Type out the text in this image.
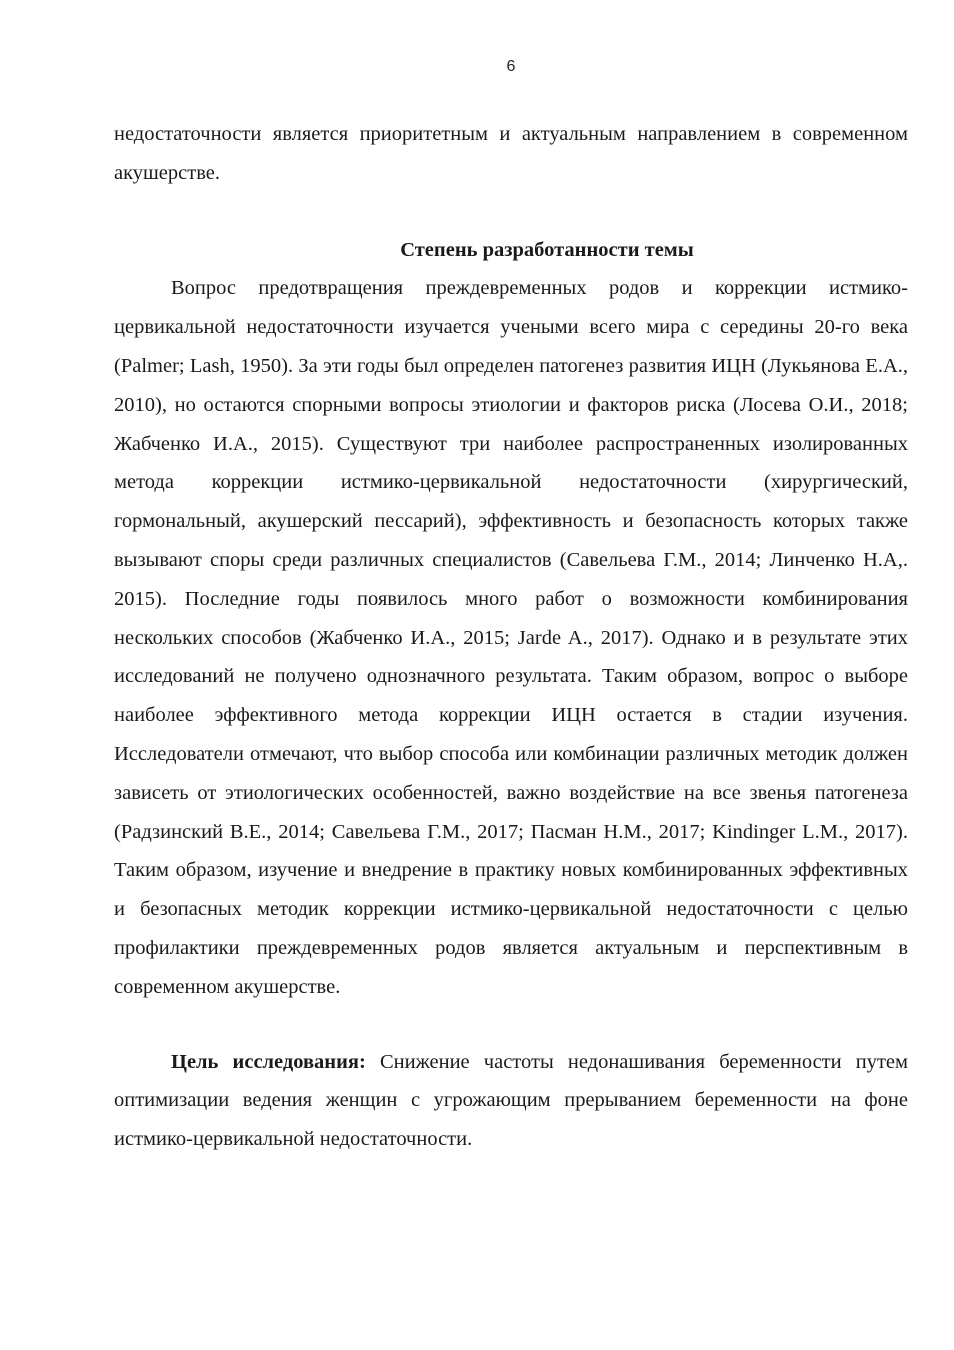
6

недостаточности является приоритетным и актуальным направлением в современном акушерстве.

Степень разработанности темы

Вопрос предотвращения преждевременных родов и коррекции истмико-цервикальной недостаточности изучается учеными всего мира с середины 20-го века (Palmer; Lash, 1950). За эти годы был определен патогенез развития ИЦН (Лукьянова Е.А., 2010), но остаются спорными вопросы этиологии и факторов риска (Лосева О.И., 2018; Жабченко И.А., 2015). Существуют три наиболее распространенных изолированных метода коррекции истмико-цервикальной недостаточности (хирургический, гормональный, акушерский пессарий), эффективность и безопасность которых также вызывают споры среди различных специалистов (Савельева Г.М., 2014; Линченко Н.А,. 2015). Последние годы появилось много работ о возможности комбинирования нескольких способов (Жабченко И.А., 2015; Jarde A., 2017). Однако и в результате этих исследований не получено однозначного результата. Таким образом, вопрос о выборе наиболее эффективного метода коррекции ИЦН остается в стадии изучения. Исследователи отмечают, что выбор способа или комбинации различных методик должен зависеть от этиологических особенностей, важно воздействие на все звенья патогенеза (Радзинский В.Е., 2014; Савельева Г.М., 2017; Пасман Н.М., 2017; Kindinger L.M., 2017). Таким образом, изучение и внедрение в практику новых комбинированных эффективных и безопасных методик коррекции истмико-цервикальной недостаточности с целью профилактики преждевременных родов является актуальным и перспективным в современном акушерстве.

Цель исследования: Снижение частоты недонашивания беременности путем оптимизации ведения женщин с угрожающим прерыванием беременности на фоне истмико-цервикальной недостаточности.
